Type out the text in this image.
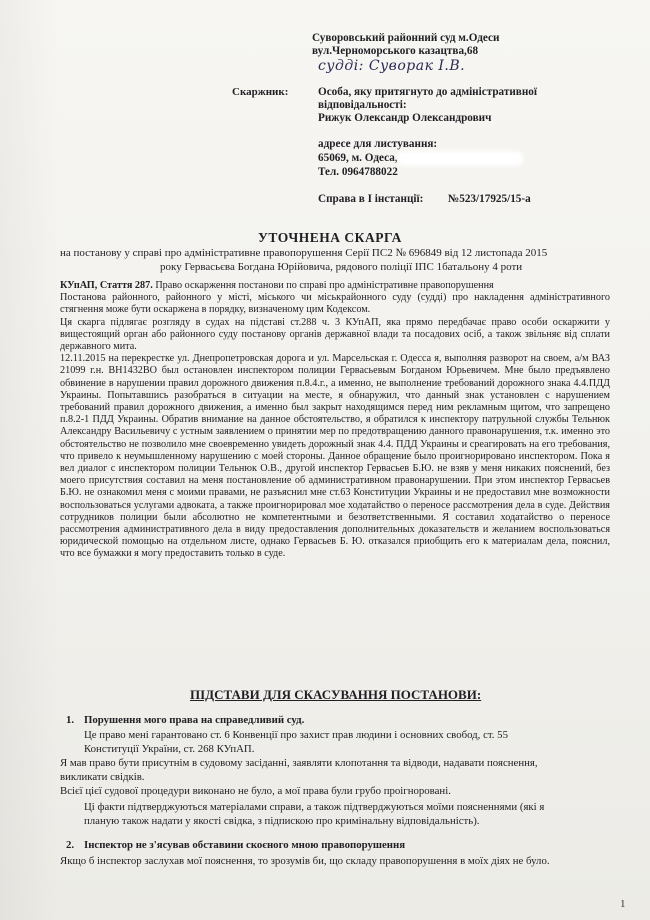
Суворовський районний суд м.Одеси
вул.Черноморського казацтва,68
судді: Суворак І.В.
Скаржник:	Особа, яку притягнуто до адміністративної
відповідальності:
Рижук Олександр Олександрович
адресе для листування:
65069, м. Одеса,
Тел. 0964788022
Справа в І інстанції: №523/17925/15-а
УТОЧНЕНА СКАРГА
на постанову у справі про адміністративне правопорушення Серії ПС2 № 696849 від 12 листопада 2015
року Гервасьєва Богдана Юрійовича, рядового поліції ІПС 1батальону 4 роти

КУпАП, Стаття 287. Право оскарження постанови по справі про адміністративне правопорушення

Постанова районного, районного у місті, міського чи міськрайонного суду (судді) про накладення адміністративного стягнення може бути оскаржена в порядку, визначеному цим Кодексом.

Ця скарга підлягає розгляду в судах на підставі ст.288 ч. 3 КУпАП, яка прямо передбачає право особи оскаржити у вищестоящий орган або районного суду постанову органів державної влади та посадових осіб, а також звільняє від сплати державного мита.

12.11.2015 на перекрестке ул. Днепропетровская дорога и ул. Марсельская г. Одесса я, выполняя разворот на своем, а/м ВАЗ 21099 г.н. ВН1432ВО был остановлен инспектором полиции Гервасьевым Богданом Юрьевичем. Мне было предъявлено обвинение в нарушении правил дорожного движения п.8.4.г., а именно, не выполнение требований дорожного знака 4.4.ПДД Украины. Попытавшись разобраться в ситуации на месте, я обнаружил, что данный знак установлен с нарушением требований правил дорожного движения, а именно был закрыт находящимся перед ним рекламным щитом, что запрещено п.8.2-1 ПДД Украины. Обратив внимание на данное обстоятельство, я обратился к инспектору патрульной службы Тельнюк Александру Васильевичу с устным заявлением о принятии мер по предотвращению данного правонарушения, т.к. именно это обстоятельство не позволило мне своевременно увидеть дорожный знак 4.4. ПДД Украины и среагировать на его требования, что привело к неумышленному нарушению с моей стороны. Данное обращение было проигнорировано инспектором. Пока я вел диалог с инспектором полиции Тельнюк О.В., другой инспектор Гервасьев Б.Ю. не взяв у меня никаких пояснений, без моего присутствия составил на меня постановление об административном правонарушении. При этом инспектор Гервасьев Б.Ю. не ознакомил меня с моими правами, не разъяснил мне ст.63 Конституции Украины и не предоставил мне возможности воспользоваться услугами адвоката, а также проигнорировал мое ходатайство о переносе рассмотрения дела в суде. Действия сотрудников полиции были абсолютно не компетентными и безответственными. Я составил ходатайство о переносе рассмотрения административного дела в виду предоставления дополнительных доказательств и желанием воспользоваться юридической помощью на отдельном листе, однако Гервасьев Б. Ю. отказался приобщить его к материалам дела, пояснил, что все бумажки я могу предоставить только в суде.

ПІДСТАВИ ДЛЯ СКАСУВАННЯ ПОСТАНОВИ:
1. Порушення мого права на справедливий суд.
Це право мені гарантовано ст. 6 Конвенції про захист прав людини і основних свобод, ст. 55
Конституції України, ст. 268 КУпАП.
Я мав право бути присутнім в судовому засіданні, заявляти клопотання та відводи, надавати пояснення,
викликати свідків.
Всієї цієї судової процедури виконано не було, а мої права були грубо проігноровані.
Ці факти підтверджуються матеріалами справи, а також підтверджуються моїми поясненнями (які я
планую також надати у якості свідка, з підпискою про кримінальну відповідальність).
2. Інспектор не з'ясував обставини скоєного мною правопорушення
Якщо б інспектор заслухав мої пояснення, то зрозумів би, що складу правопорушення в моїх діях не було.
1
